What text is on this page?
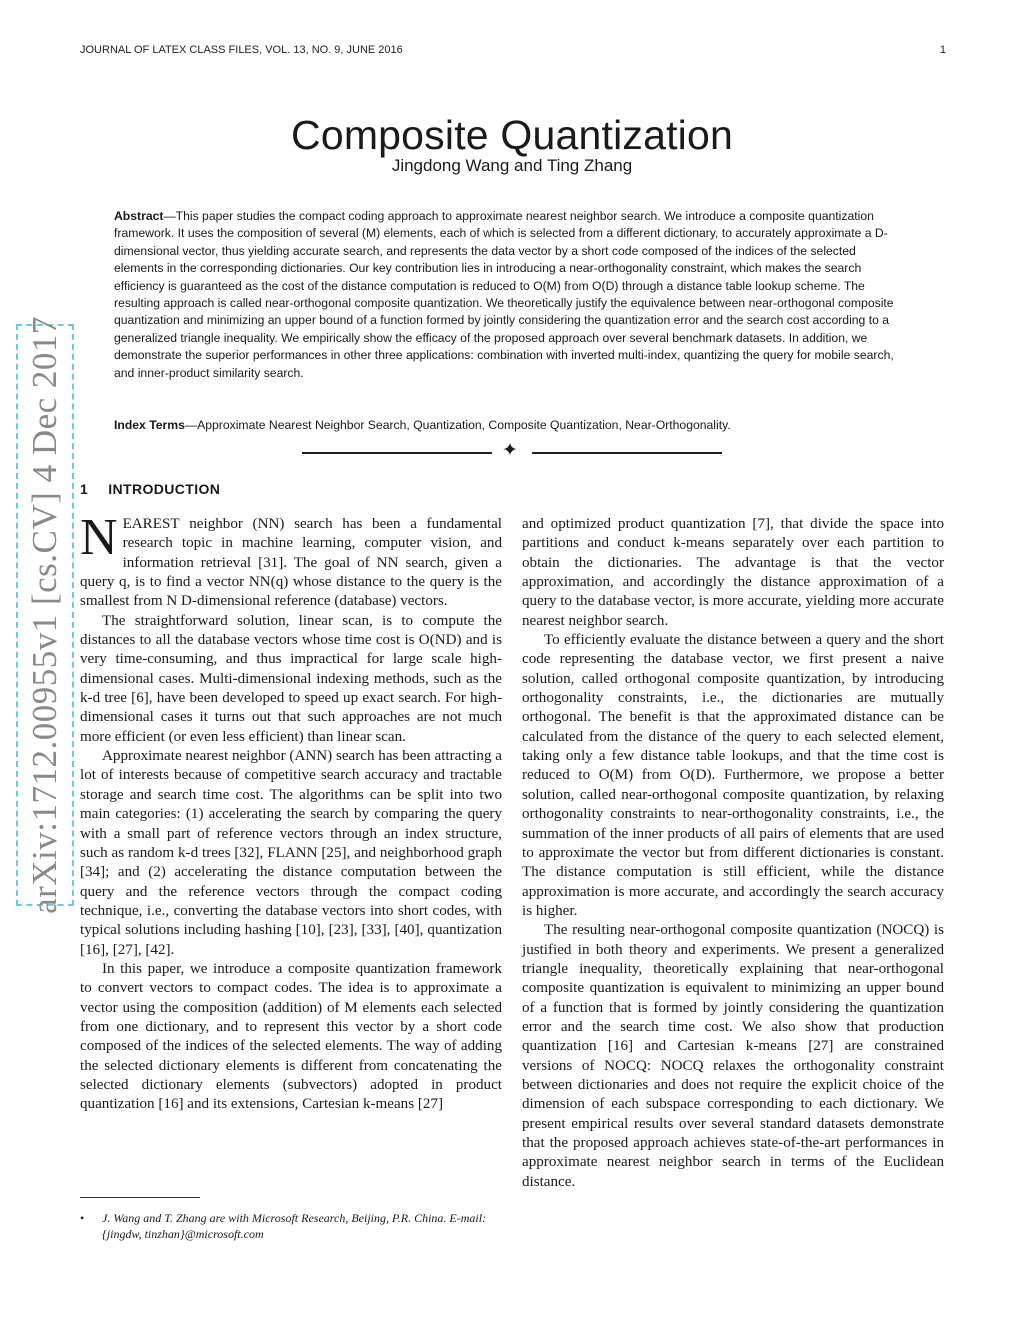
JOURNAL OF LATEX CLASS FILES, VOL. 13, NO. 9, JUNE 2016	1
Composite Quantization
Jingdong Wang and Ting Zhang
Abstract—This paper studies the compact coding approach to approximate nearest neighbor search. We introduce a composite quantization framework. It uses the composition of several (M) elements, each of which is selected from a different dictionary, to accurately approximate a D-dimensional vector, thus yielding accurate search, and represents the data vector by a short code composed of the indices of the selected elements in the corresponding dictionaries. Our key contribution lies in introducing a near-orthogonality constraint, which makes the search efficiency is guaranteed as the cost of the distance computation is reduced to O(M) from O(D) through a distance table lookup scheme. The resulting approach is called near-orthogonal composite quantization. We theoretically justify the equivalence between near-orthogonal composite quantization and minimizing an upper bound of a function formed by jointly considering the quantization error and the search cost according to a generalized triangle inequality. We empirically show the efficacy of the proposed approach over several benchmark datasets. In addition, we demonstrate the superior performances in other three applications: combination with inverted multi-index, quantizing the query for mobile search, and inner-product similarity search.
Index Terms—Approximate Nearest Neighbor Search, Quantization, Composite Quantization, Near-Orthogonality.
✦
arXiv:1712.00955v1 [cs.CV] 4 Dec 2017 1 INTRODUCTION

NEAREST neighbor (NN) search has been a fundamental research topic in machine learning, computer vision, and information retrieval [31]. The goal of NN search, given a query q, is to find a vector NN(q) whose distance to the query is the smallest from N D-dimensional reference (database) vectors.

The straightforward solution, linear scan, is to compute the distances to all the database vectors whose time cost is O(ND) and is very time-consuming, and thus impractical for large scale high-dimensional cases. Multi-dimensional indexing methods, such as the k-d tree [6], have been developed to speed up exact search. For high-dimensional cases it turns out that such approaches are not much more efficient (or even less efficient) than linear scan.

Approximate nearest neighbor (ANN) search has been attracting a lot of interests because of competitive search accuracy and tractable storage and search time cost. The algorithms can be split into two main categories: (1) accelerating the search by comparing the query with a small part of reference vectors through an index structure, such as random k-d trees [32], FLANN [25], and neighborhood graph [34]; and (2) accelerating the distance computation between the query and the reference vectors through the compact coding technique, i.e., converting the database vectors into short codes, with typical solutions including hashing [10], [23], [33], [40], quantization [16], [27], [42].

In this paper, we introduce a composite quantization framework to convert vectors to compact codes. The idea is to approximate a vector using the composition (addition) of M elements each selected from one dictionary, and to represent this vector by a short code composed of the indices of the selected elements. The way of adding the selected dictionary elements is different from concatenating the selected dictionary elements (subvectors) adopted in product quantization [16] and its extensions, Cartesian k-means [27]

and optimized product quantization [7], that divide the space into partitions and conduct k-means separately over each partition to obtain the dictionaries. The advantage is that the vector approximation, and accordingly the distance approximation of a query to the database vector, is more accurate, yielding more accurate nearest neighbor search.

To efficiently evaluate the distance between a query and the short code representing the database vector, we first present a naive solution, called orthogonal composite quantization, by introducing orthogonality constraints, i.e., the dictionaries are mutually orthogonal. The benefit is that the approximated distance can be calculated from the distance of the query to each selected element, taking only a few distance table lookups, and that the time cost is reduced to O(M) from O(D). Furthermore, we propose a better solution, called near-orthogonal composite quantization, by relaxing orthogonality constraints to near-orthogonality constraints, i.e., the summation of the inner products of all pairs of elements that are used to approximate the vector but from different dictionaries is constant. The distance computation is still efficient, while the distance approximation is more accurate, and accordingly the search accuracy is higher.

The resulting near-orthogonal composite quantization (NOCQ) is justified in both theory and experiments. We present a generalized triangle inequality, theoretically explaining that near-orthogonal composite quantization is equivalent to minimizing an upper bound of a function that is formed by jointly considering the quantization error and the search time cost. We also show that production quantization [16] and Cartesian k-means [27] are constrained versions of NOCQ: NOCQ relaxes the orthogonality constraint between dictionaries and does not require the explicit choice of the dimension of each subspace corresponding to each dictionary. We present empirical results over several standard datasets demonstrate that the proposed approach achieves state-of-the-art performances in approximate nearest neighbor search in terms of the Euclidean distance.

• J. Wang and T. Zhang are with Microsoft Research, Beijing, P.R. China. E-mail: {jingdw, tinzhan}@microsoft.com
